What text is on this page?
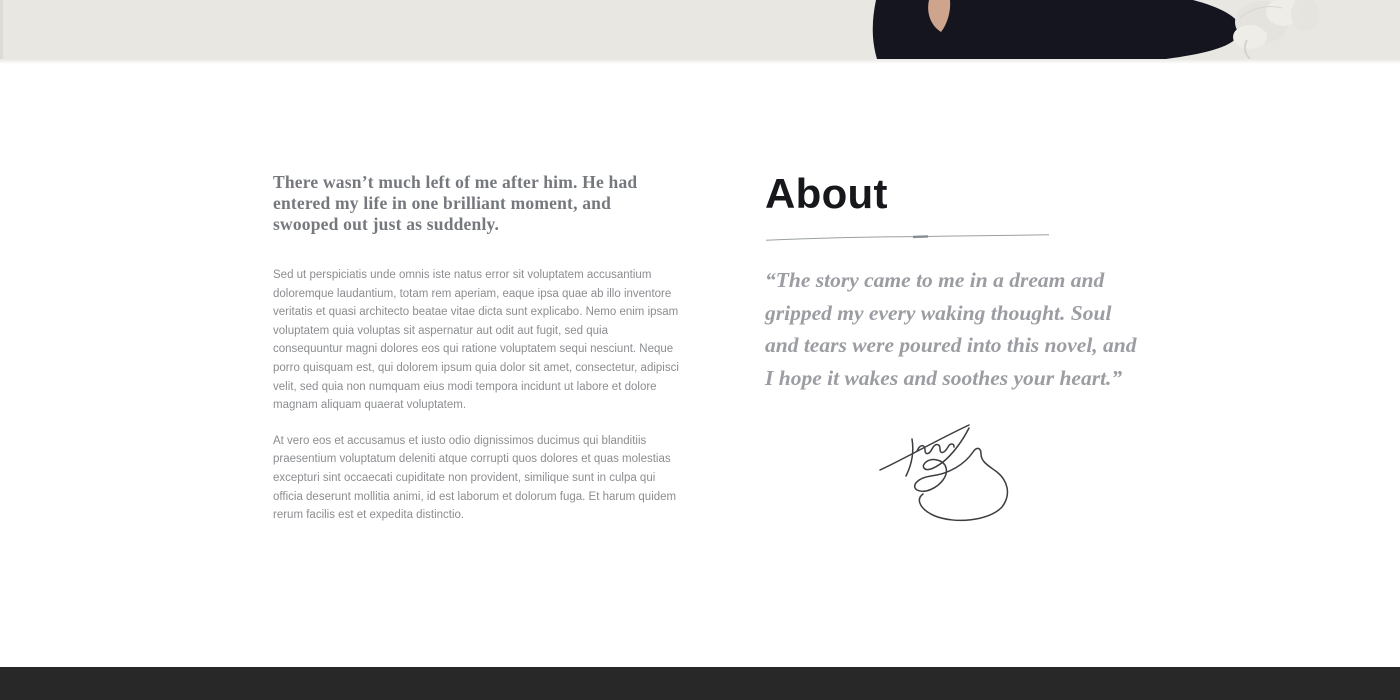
There wasn’t much left of me after him. He had entered my life in one brilliant moment, and swooped out just as suddenly.

Sed ut perspiciatis unde omnis iste natus error sit voluptatem accusantium doloremque laudantium, totam rem aperiam, eaque ipsa quae ab illo inventore veritatis et quasi architecto beatae vitae dicta sunt explicabo. Nemo enim ipsam voluptatem quia voluptas sit aspernatur aut odit aut fugit, sed quia consequuntur magni dolores eos qui ratione voluptatem sequi nesciunt. Neque porro quisquam est, qui dolorem ipsum quia dolor sit amet, consectetur, adipisci velit, sed quia non numquam eius modi tempora incidunt ut labore et dolore magnam aliquam quaerat voluptatem.

At vero eos et accusamus et iusto odio dignissimos ducimus qui blanditiis praesentium voluptatum deleniti atque corrupti quos dolores et quas molestias excepturi sint occaecati cupiditate non provident, similique sunt in culpa qui officia deserunt mollitia animi, id est laborum et dolorum fuga. Et harum quidem rerum facilis est et expedita distinctio.

About

“The story came to me in a dream and gripped my every waking thought. Soul and tears were poured into this novel, and I hope it wakes and soothes your heart.”
